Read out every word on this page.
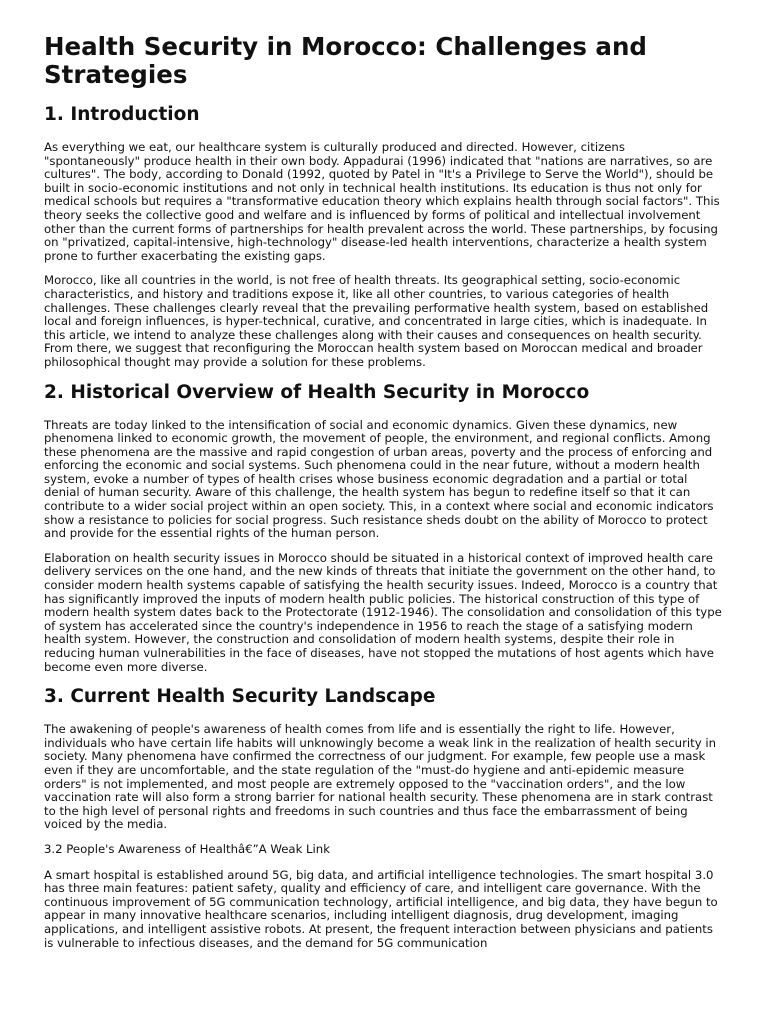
Health Security in Morocco: Challenges and Strategies
1. Introduction

As everything we eat, our healthcare system is culturally produced and directed. However, citizens "spontaneously" produce health in their own body. Appadurai (1996) indicated that "nations are narratives, so are cultures". The body, according to Donald (1992, quoted by Patel in "It's a Privilege to Serve the World"), should be built in socio-economic institutions and not only in technical health institutions. Its education is thus not only for medical schools but requires a "transformative education theory which explains health through social factors". This theory seeks the collective good and welfare and is influenced by forms of political and intellectual involvement other than the current forms of partnerships for health prevalent across the world. These partnerships, by focusing on "privatized, capital-intensive, high-technology" disease-led health interventions, characterize a health system prone to further exacerbating the existing gaps.

Morocco, like all countries in the world, is not free of health threats. Its geographical setting, socio-economic characteristics, and history and traditions expose it, like all other countries, to various categories of health challenges. These challenges clearly reveal that the prevailing performative health system, based on established local and foreign influences, is hyper-technical, curative, and concentrated in large cities, which is inadequate. In this article, we intend to analyze these challenges along with their causes and consequences on health security. From there, we suggest that reconfiguring the Moroccan health system based on Moroccan medical and broader philosophical thought may provide a solution for these problems.

2. Historical Overview of Health Security in Morocco

Threats are today linked to the intensification of social and economic dynamics. Given these dynamics, new phenomena linked to economic growth, the movement of people, the environment, and regional conflicts. Among these phenomena are the massive and rapid congestion of urban areas, poverty and the process of enforcing and enforcing the economic and social systems. Such phenomena could in the near future, without a modern health system, evoke a number of types of health crises whose business economic degradation and a partial or total denial of human security. Aware of this challenge, the health system has begun to redefine itself so that it can contribute to a wider social project within an open society. This, in a context where social and economic indicators show a resistance to policies for social progress. Such resistance sheds doubt on the ability of Morocco to protect and provide for the essential rights of the human person.

Elaboration on health security issues in Morocco should be situated in a historical context of improved health care delivery services on the one hand, and the new kinds of threats that initiate the government on the other hand, to consider modern health systems capable of satisfying the health security issues. Indeed, Morocco is a country that has significantly improved the inputs of modern health public policies. The historical construction of this type of modern health system dates back to the Protectorate (1912-1946). The consolidation and consolidation of this type of system has accelerated since the country's independence in 1956 to reach the stage of a satisfying modern health system. However, the construction and consolidation of modern health systems, despite their role in reducing human vulnerabilities in the face of diseases, have not stopped the mutations of host agents which have become even more diverse.

3. Current Health Security Landscape

The awakening of people's awareness of health comes from life and is essentially the right to life. However, individuals who have certain life habits will unknowingly become a weak link in the realization of health security in society. Many phenomena have confirmed the correctness of our judgment. For example, few people use a mask even if they are uncomfortable, and the state regulation of the "must-do hygiene and anti-epidemic measure orders" is not implemented, and most people are extremely opposed to the "vaccination orders", and the low vaccination rate will also form a strong barrier for national health security. These phenomena are in stark contrast to the high level of personal rights and freedoms in such countries and thus face the embarrassment of being voiced by the media.

3.2 People's Awareness of Healthâ€”A Weak Link

A smart hospital is established around 5G, big data, and artificial intelligence technologies. The smart hospital 3.0 has three main features: patient safety, quality and efficiency of care, and intelligent care governance. With the continuous improvement of 5G communication technology, artificial intelligence, and big data, they have begun to appear in many innovative healthcare scenarios, including intelligent diagnosis, drug development, imaging applications, and intelligent assistive robots. At present, the frequent interaction between physicians and patients is vulnerable to infectious diseases, and the demand for 5G communication
